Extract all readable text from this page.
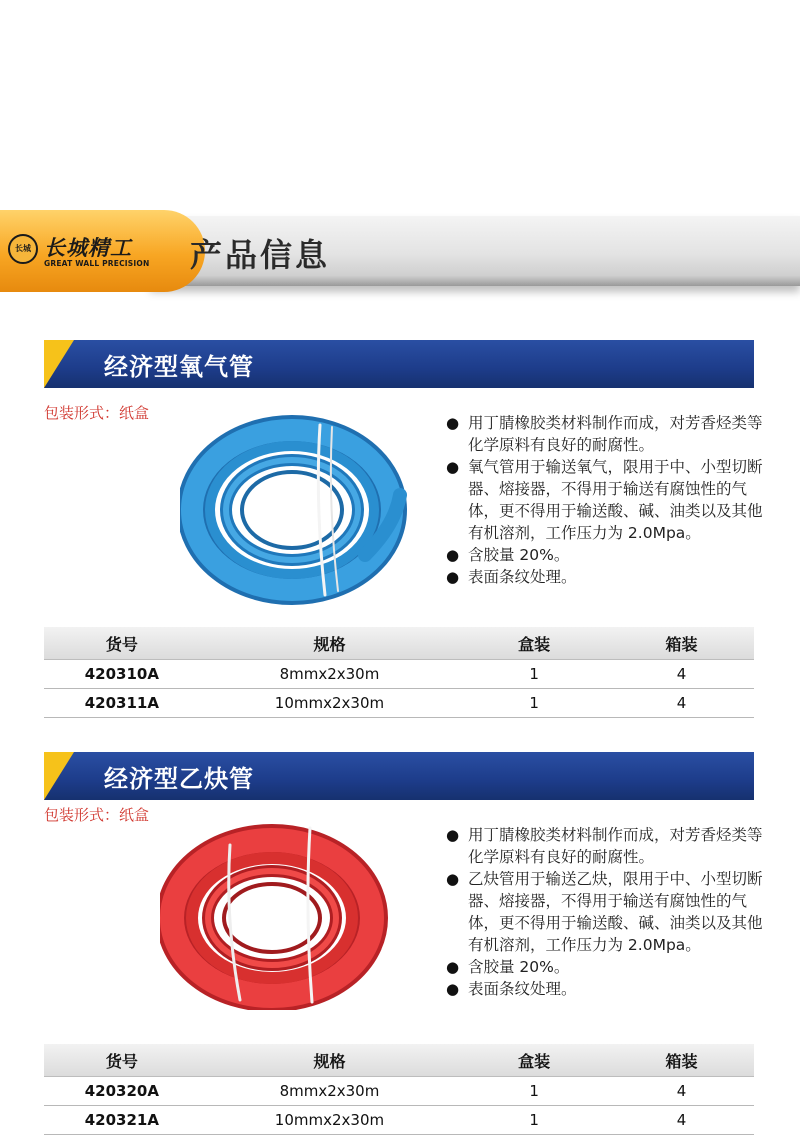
长城 长城精工
GREAT WALL PRECISION 产品信息
经济型氧气管
包装形式：纸盒
● 用丁腈橡胶类材料制作而成，对芳香烃类等化学原料有良好的耐腐性。
● 氧气管用于输送氧气，限用于中、小型切断器、熔接器，不得用于输送有腐蚀性的气体，更不得用于输送酸、碱、油类以及其他有机溶剂，工作压力为 2.0Mpa。
● 含胶量 20%。
● 表面条纹处理。
货号	规格	盒装	箱装
420310A	8mmx2x30m	1	4
420311A	10mmx2x30m	1	4
经济型乙炔管
包装形式：纸盒
● 用丁腈橡胶类材料制作而成，对芳香烃类等化学原料有良好的耐腐性。
● 乙炔管用于输送乙炔，限用于中、小型切断器、熔接器，不得用于输送有腐蚀性的气体，更不得用于输送酸、碱、油类以及其他有机溶剂，工作压力为 2.0Mpa。
● 含胶量 20%。
● 表面条纹处理。
货号	规格	盒装	箱装
420320A	8mmx2x30m	1	4
420321A	10mmx2x30m	1	4
